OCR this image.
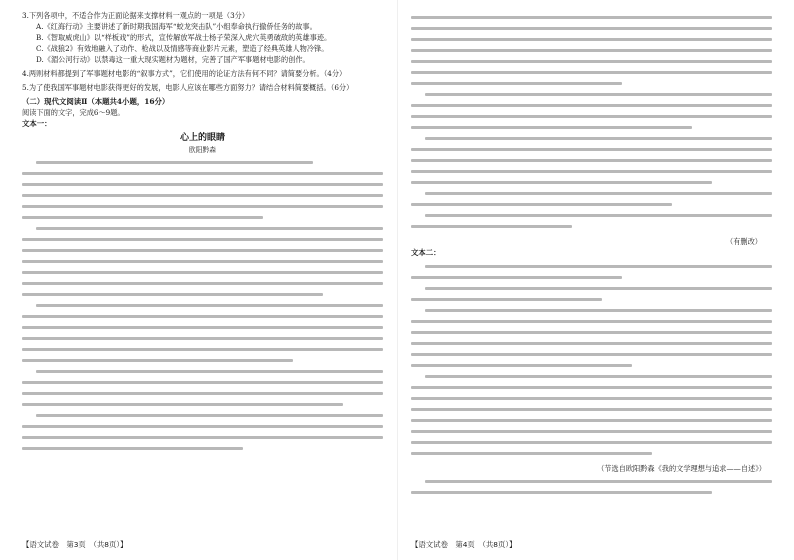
3.下列各项中，不适合作为正面论据来支撑材料一观点的一项是（3分）
A.《红海行动》主要讲述了新时期我国海军“蛟龙突击队”小组奉命执行撤侨任务的故事。
B.《智取威虎山》以“样板戏”的形式，宣传解放军战士杨子荣深入虎穴英勇破敌的英雄事迹。
C.《战狼2》有效地融入了动作、枪战以及情感等商业影片元素，塑造了经典英雄人物冷锋。
D.《湄公河行动》以禁毒这一重大现实题材为题材，完善了国产军事题材电影的创作。
4.两则材料都提到了军事题材电影的“叙事方式”，它们使用的论证方法有何不同？请简要分析。（4分）
5.为了使我国军事题材电影获得更好的发展，电影人应该在哪些方面努力？请结合材料简要概括。（6分）
（二）现代文阅读Ⅱ（本题共4小题，16分）
阅读下面的文字，完成6～9题。
文本一：
心上的眼睛
欧阳黔森
【语文试卷　第3页　（共8页）】
（有删改）
文本二：
（节选自欧阳黔森《我的文学理想与追求——自述》）
【语文试卷　第4页　（共8页）】
